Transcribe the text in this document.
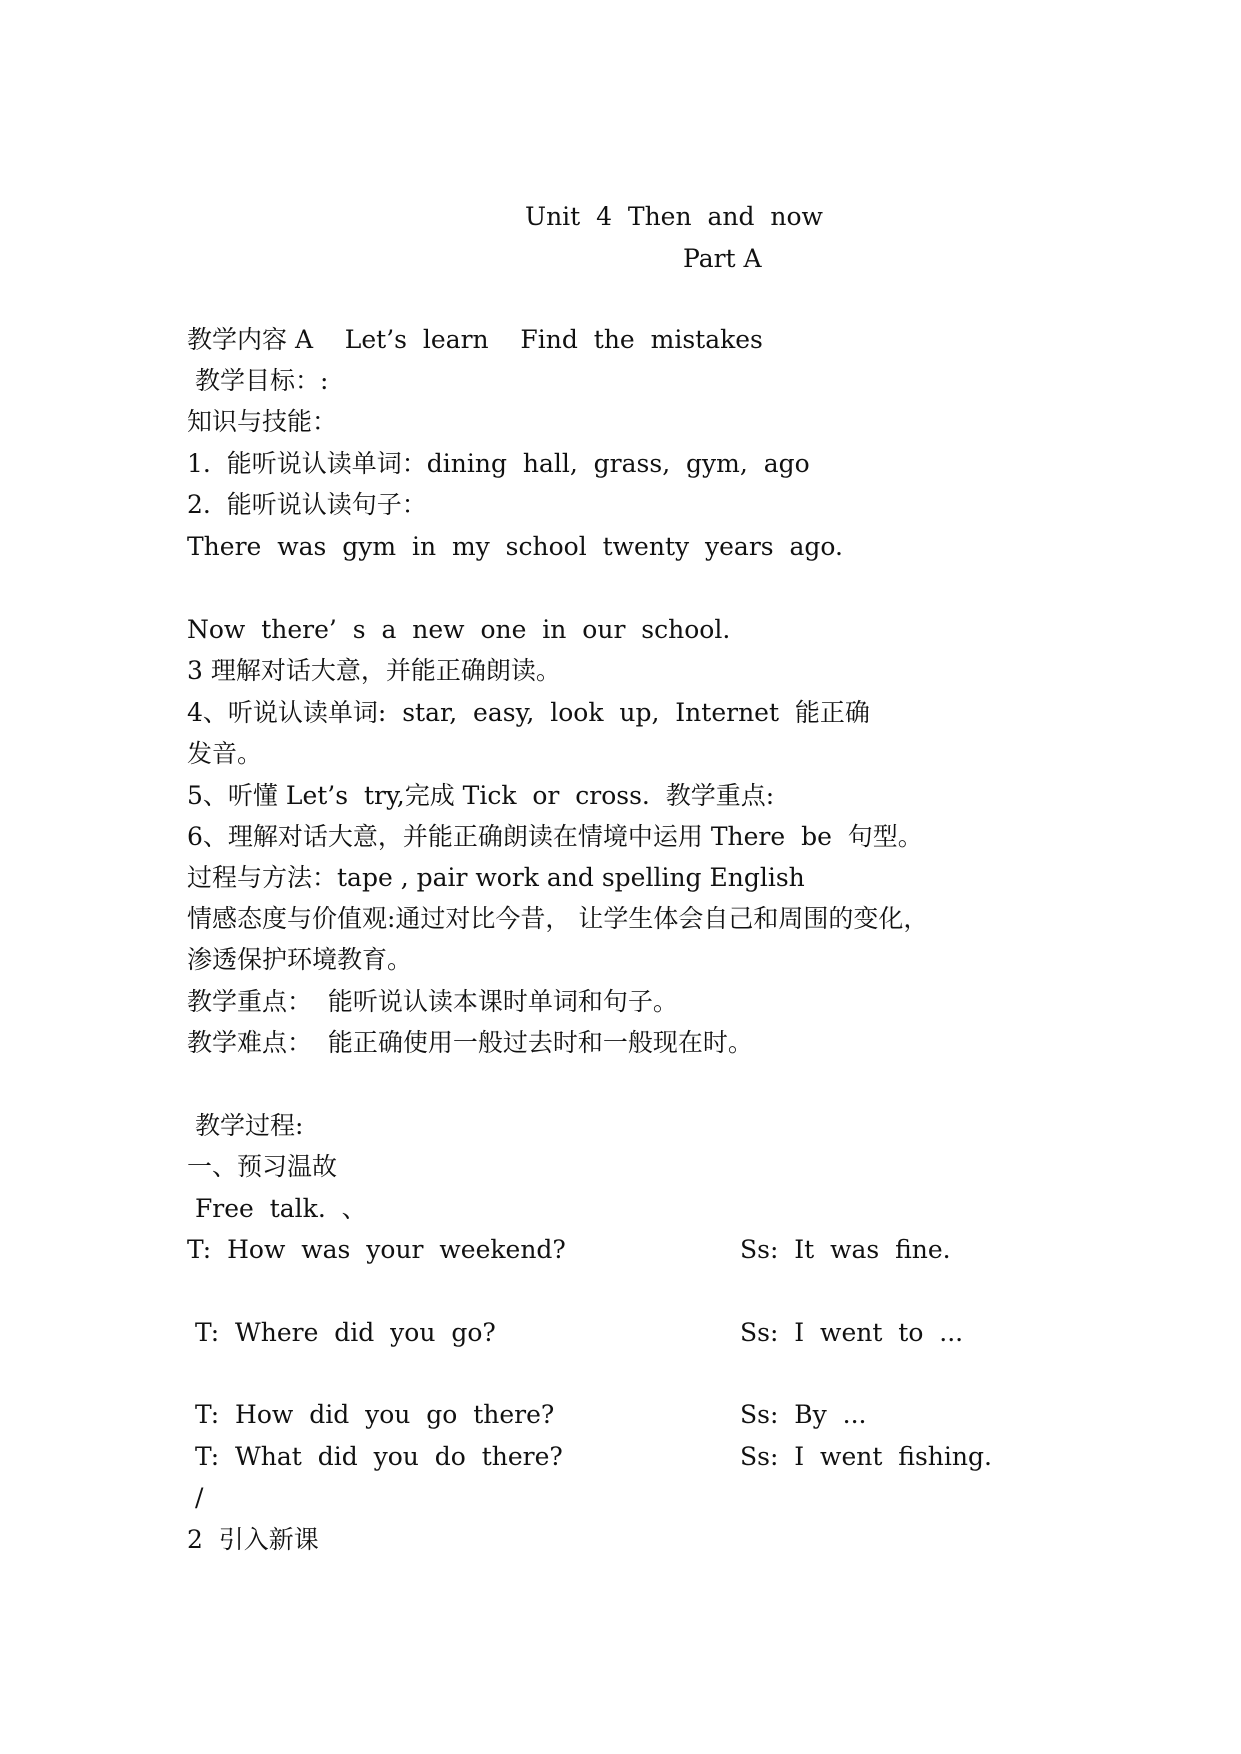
Unit  4  Then  and  now

Part A

教学内容 A    Let’s  learn    Find  the  mistakes

教学目标：:

知识与技能：

1.  能听说认读单词：dining  hall,  grass,  gym,  ago

2.  能听说认读句子：

There  was  gym  in  my  school  twenty  years  ago.

Now  there’  s  a  new  one  in  our  school.

3 理解对话大意，并能正确朗读。

4、听说认读单词:  star,  easy,  look  up,  Internet  能正确

发音。

5、听懂 Let’s  try,完成 Tick  or  cross.  教学重点:

6、理解对话大意，并能正确朗读在情境中运用 There  be  句型。

过程与方法：tape , pair work and spelling English

情感态度与价值观:通过对比今昔， 让学生体会自己和周围的变化，

渗透保护环境教育。

教学重点：  能听说认读本课时单词和句子。

教学难点：  能正确使用一般过去时和一般现在时。

教学过程:

一、预习温故

Free  talk.  、

T:  How  was  your  weekend?	Ss:  It  was  fine.

T:  Where  did  you  go?	Ss:  I  went  to  ...

T:  How  did  you  go  there?	Ss:  By  ...

T:  What  did  you  do  there?	Ss:  I  went  fishing.

/

2  引入新课
